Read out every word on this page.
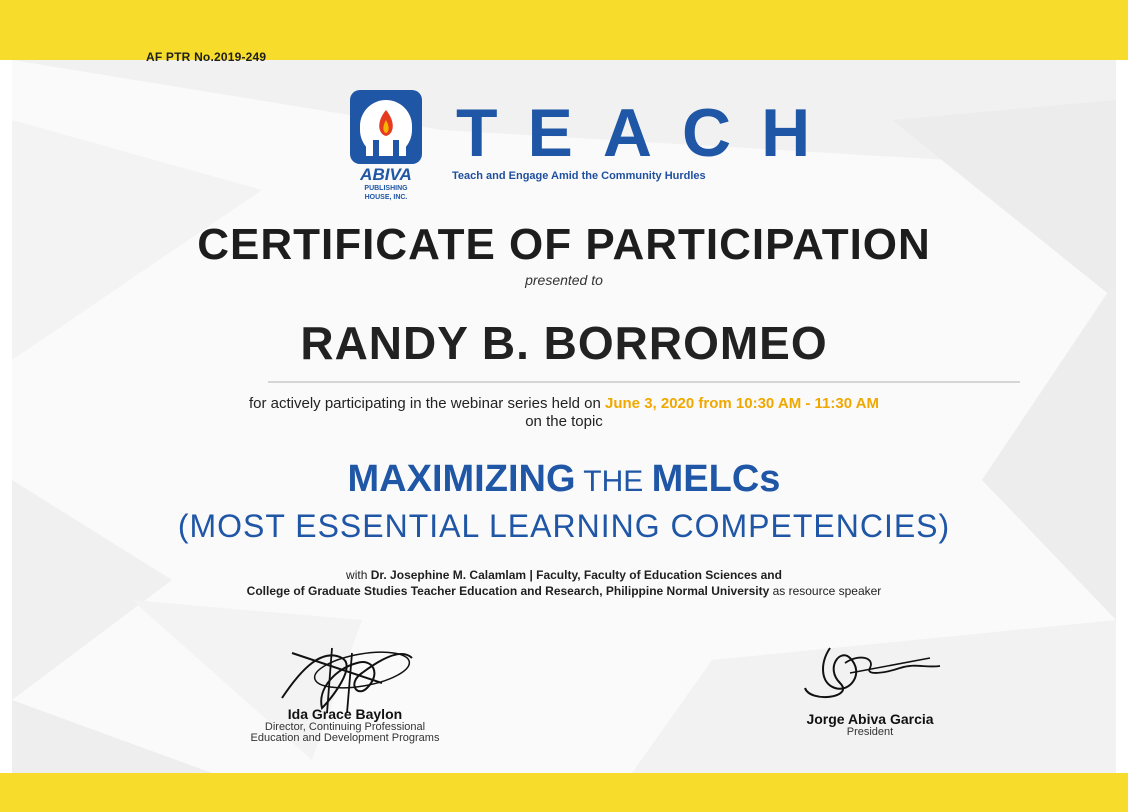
AF PTR No.2019-249
ABIVA
PUBLISHING
HOUSE, INC.
TEACH
Teach and Engage Amid the Community Hurdles
CERTIFICATE OF PARTICIPATION
presented to
RANDY B. BORROMEO
for actively participating in the webinar series held on June 3, 2020 from 10:30 AM - 11:30 AM
on the topic
MAXIMIZING THE MELCs
(MOST ESSENTIAL LEARNING COMPETENCIES)
with Dr. Josephine M. Calamlam | Faculty, Faculty of Education Sciences and
College of Graduate Studies Teacher Education and Research, Philippine Normal University as resource speaker
Ida Grace Baylon
Director, Continuing Professional
Education and Development Programs
Jorge Abiva Garcia
President
